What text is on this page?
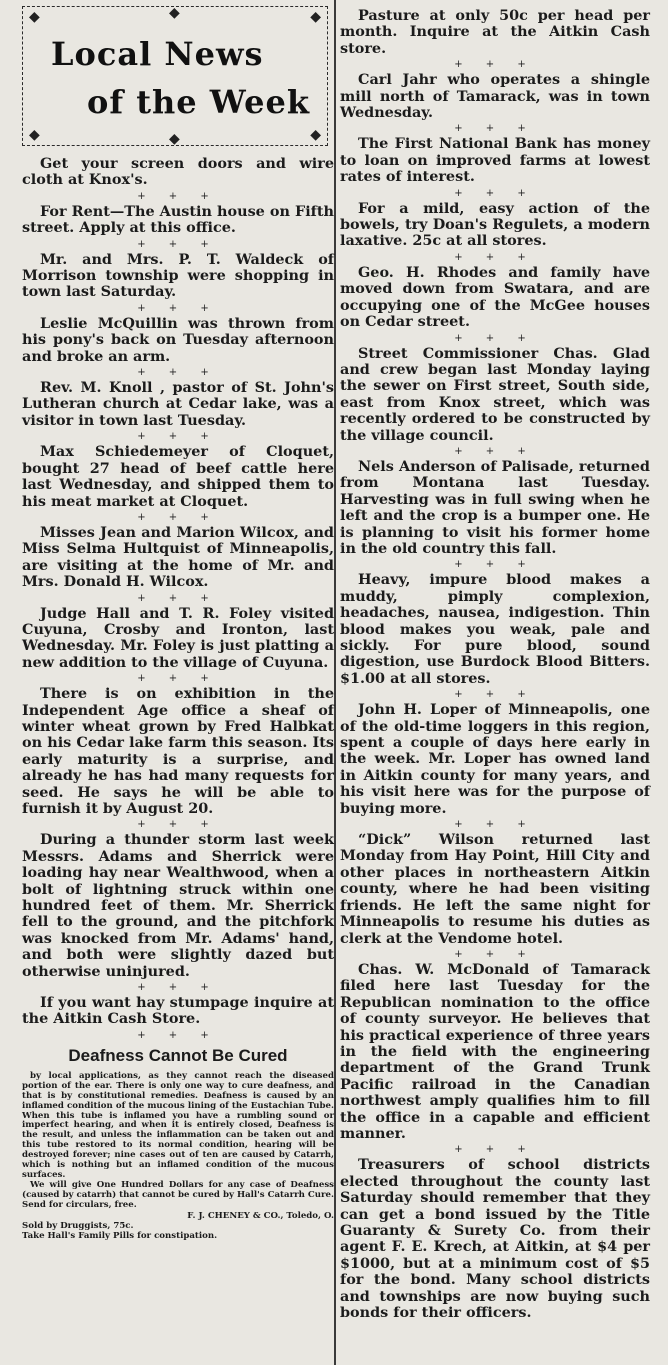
◆	◆
◆	◆
◆
◆
Local News
of the Week

Get your screen doors and wire cloth at Knox's.

+ + +

For Rent—The Austin house on Fifth street. Apply at this office.

+ + +

Mr. and Mrs. P. T. Waldeck of Morrison township were shopping in town last Saturday.

+ + +

Leslie McQuillin was thrown from his pony's back on Tuesday afternoon and broke an arm.

+ + +

Rev. M. Knoll , pastor of St. John's Lutheran church at Cedar lake, was a visitor in town last Tuesday.

+ + +

Max Schiedemeyer of Cloquet, bought 27 head of beef cattle here last Wednesday, and shipped them to his meat market at Cloquet.

+ + +

Misses Jean and Marion Wilcox, and Miss Selma Hultquist of Minneapolis, are visiting at the home of Mr. and Mrs. Donald H. Wilcox.

+ + +

Judge Hall and T. R. Foley visited Cuyuna, Crosby and Ironton, last Wednesday. Mr. Foley is just platting a new addition to the village of Cuyuna.

+ + +

There is on exhibition in the Independent Age office a sheaf of winter wheat grown by Fred Halbkat on his Cedar lake farm this season. Its early maturity is a surprise, and already he has had many requests for seed. He says he will be able to furnish it by August 20.

+ + +

During a thunder storm last week Messrs. Adams and Sherrick were loading hay near Wealthwood, when a bolt of lightning struck within one hundred feet of them. Mr. Sherrick fell to the ground, and the pitchfork was knocked from Mr. Adams' hand, and both were slightly dazed but otherwise uninjured.

+ + +

If you want hay stumpage inquire at the Aitkin Cash Store.

+ + +
Deafness Cannot Be Cured

by local applications, as they cannot reach the diseased portion of the ear. There is only one way to cure deafness, and that is by constitutional remedies. Deafness is caused by an inflamed condition of the mucous lining of the Eustachian Tube. When this tube is inflamed you have a rumbling sound or imperfect hearing, and when it is entirely closed, Deafness is the result, and unless the inflammation can be taken out and this tube restored to its normal condition, hearing will be destroyed forever; nine cases out of ten are caused by Catarrh, which is nothing but an inflamed condition of the mucous surfaces.

We will give One Hundred Dollars for any case of Deafness (caused by catarrh) that cannot be cured by Hall's Catarrh Cure. Send for circulars, free.

F. J. CHENEY & CO., Toledo, O.

Sold by Druggists, 75c.

Take Hall's Family Pills for constipation.

Pasture at only 50c per head per month. Inquire at the Aitkin Cash store.

+ + +

Carl Jahr who operates a shingle mill north of Tamarack, was in town Wednesday.

+ + +

The First National Bank has money to loan on improved farms at lowest rates of interest.

+ + +

For a mild, easy action of the bowels, try Doan's Regulets, a modern laxative. 25c at all stores.

+ + +

Geo. H. Rhodes and family have moved down from Swatara, and are occupying one of the McGee houses on Cedar street.

+ + +

Street Commissioner Chas. Glad and crew began last Monday laying the sewer on First street, South side, east from Knox street, which was recently ordered to be constructed by the village council.

+ + +

Nels Anderson of Palisade, returned from Montana last Tuesday. Harvesting was in full swing when he left and the crop is a bumper one. He is planning to visit his former home in the old country this fall.

+ + +

Heavy, impure blood makes a muddy, pimply complexion, headaches, nausea, indigestion. Thin blood makes you weak, pale and sickly. For pure blood, sound digestion, use Burdock Blood Bitters. $1.00 at all stores.

+ + +

John H. Loper of Minneapolis, one of the old-time loggers in this region, spent a couple of days here early in the week. Mr. Loper has owned land in Aitkin county for many years, and his visit here was for the purpose of buying more.

+ + +

“Dick” Wilson returned last Monday from Hay Point, Hill City and other places in northeastern Aitkin county, where he had been visiting friends. He left the same night for Minneapolis to resume his duties as clerk at the Vendome hotel.

+ + +

Chas. W. McDonald of Tamarack filed here last Tuesday for the Republican nomination to the office of county surveyor. He believes that his practical experience of three years in the field with the engineering department of the Grand Trunk Pacific railroad in the Canadian northwest amply qualifies him to fill the office in a capable and efficient manner.

+ + +

Treasurers of school districts elected throughout the county last Saturday should remember that they can get a bond issued by the Title Guaranty & Surety Co. from their agent F. E. Krech, at Aitkin, at $4 per $1000, but at a minimum cost of $5 for the bond. Many school districts and townships are now buying such bonds for their officers.
